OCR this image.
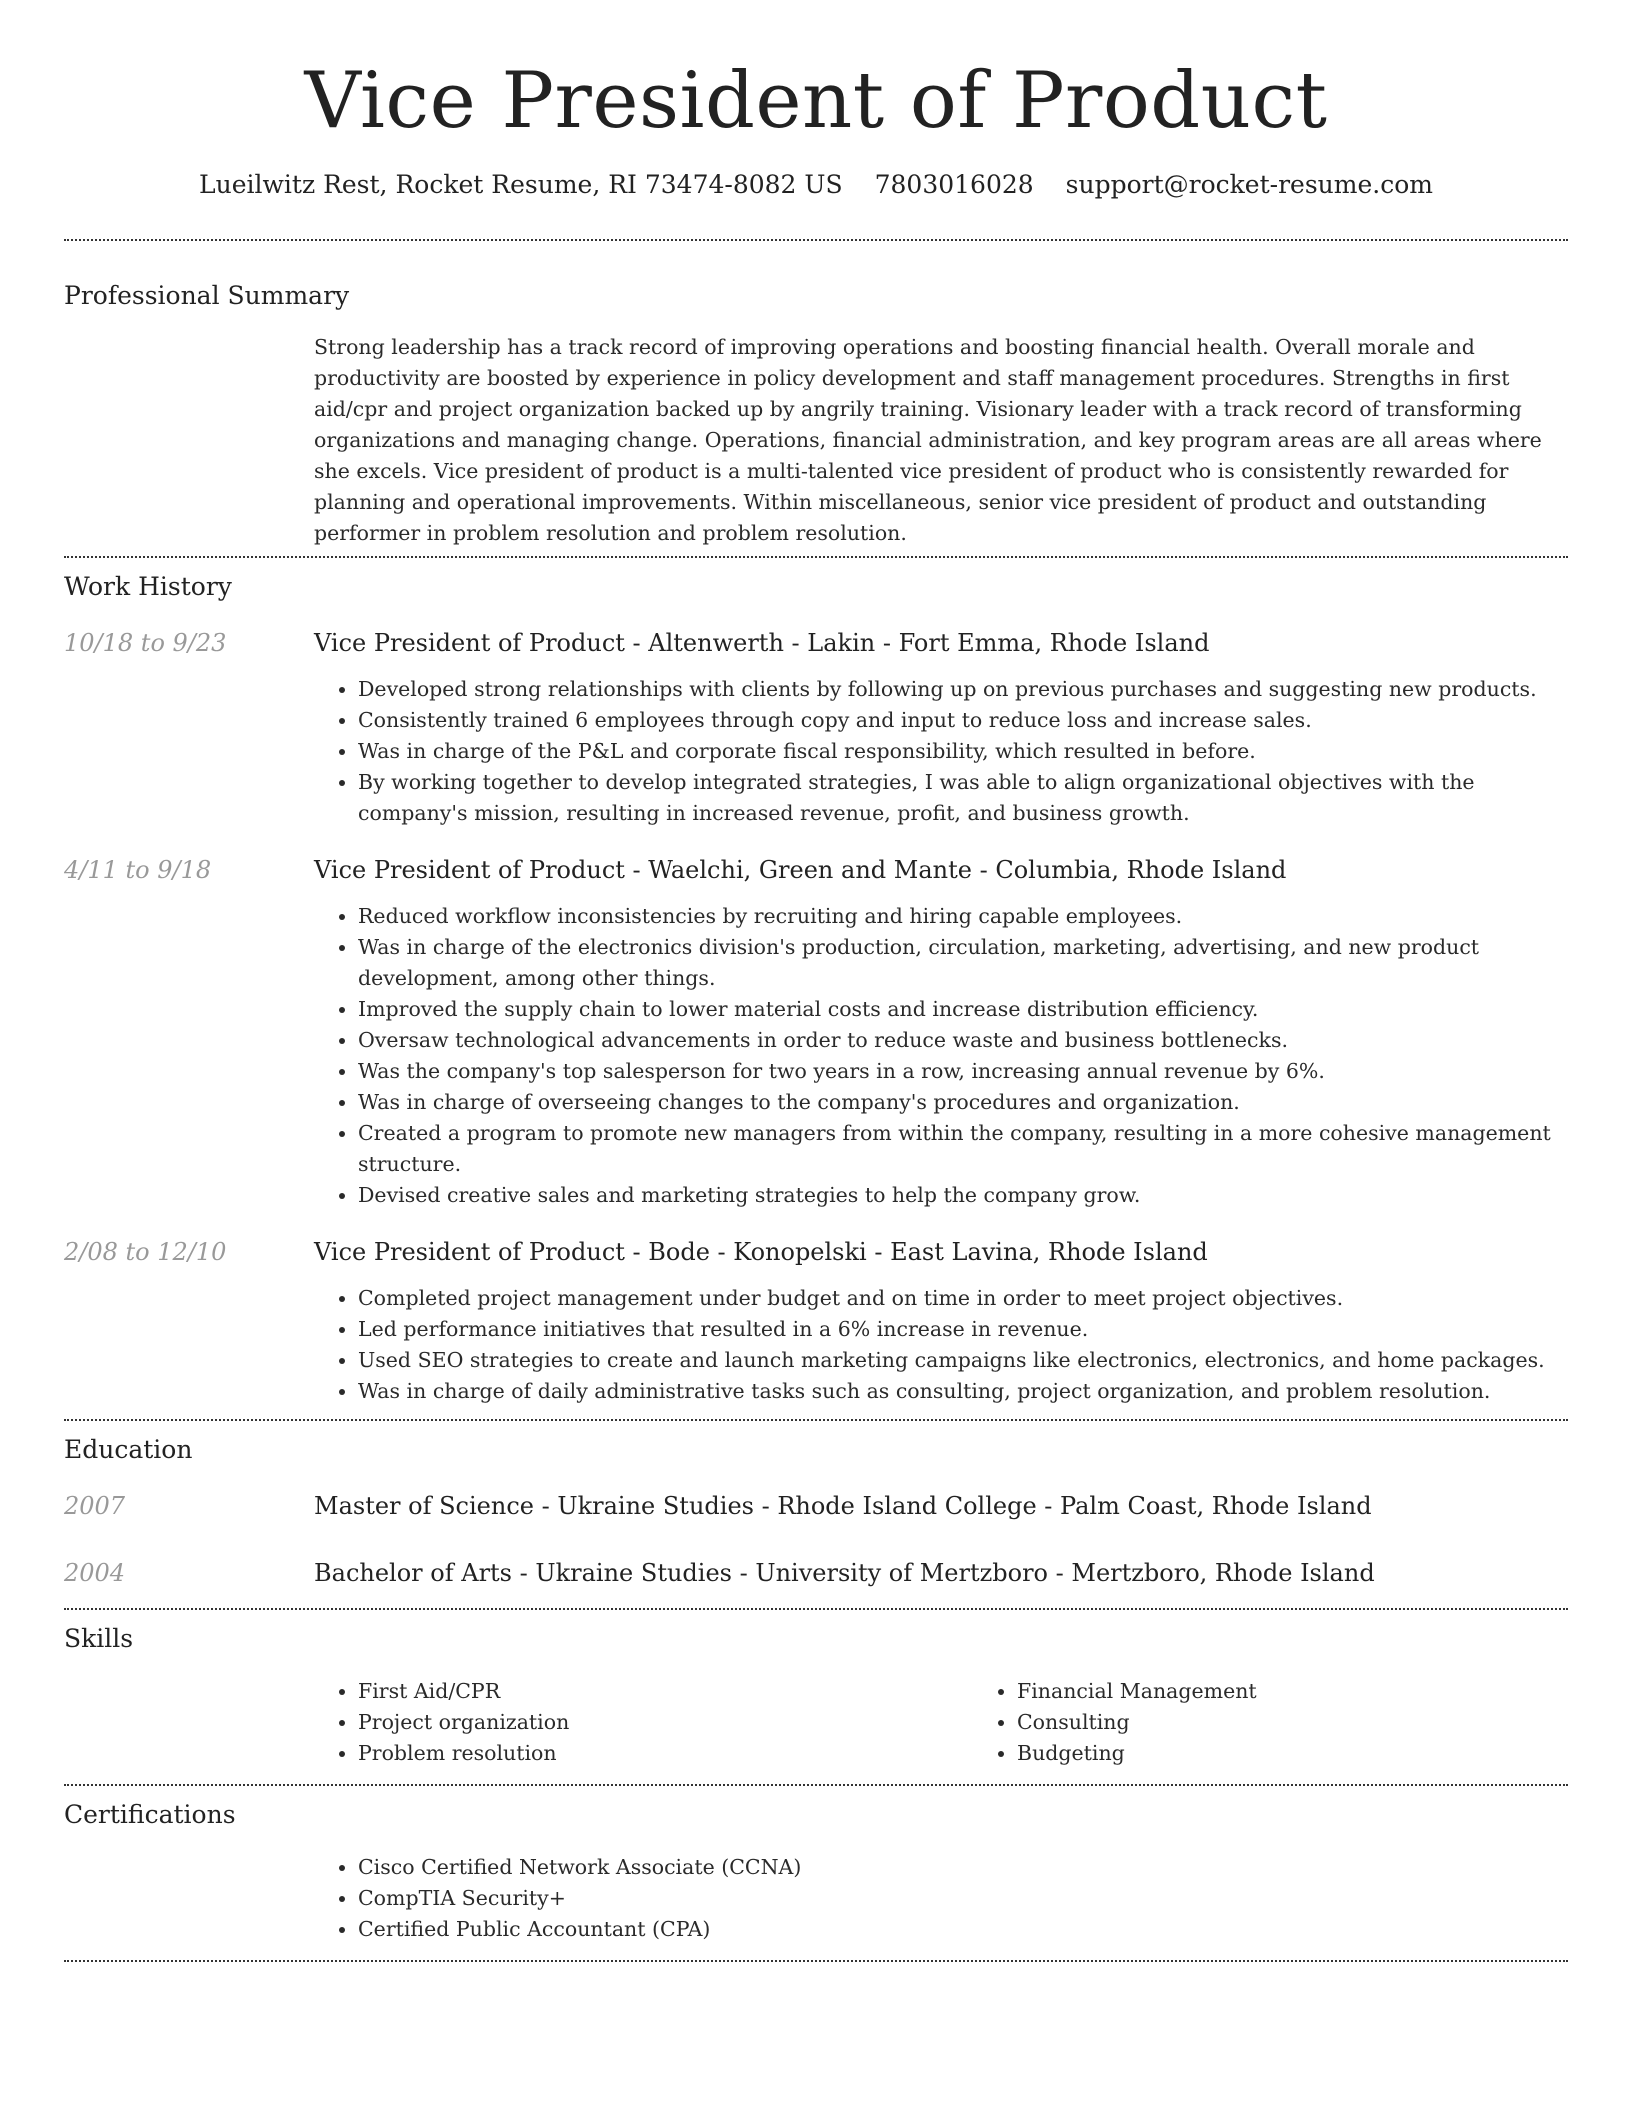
Vice President of Product
Lueilwitz Rest, Rocket Resume, RI 73474-8082 US 7803016028 support@rocket-resume.com
Professional Summary

Strong leadership has a track record of improving operations and boosting financial health. Overall morale and productivity are boosted by experience in policy development and staff management procedures. Strengths in first aid/cpr and project organization backed up by angrily training. Visionary leader with a track record of transforming organizations and managing change. Operations, financial administration, and key program areas are all areas where she excels. Vice president of product is a multi-talented vice president of product who is consistently rewarded for planning and operational improvements. Within miscellaneous, senior vice president of product and outstanding performer in problem resolution and problem resolution.

Work History
10/18 to 9/23	Vice President of Product - Altenwerth - Lakin - Fort Emma, Rhode Island
• Developed strong relationships with clients by following up on previous purchases and suggesting new products.
• Consistently trained 6 employees through copy and input to reduce loss and increase sales.
• Was in charge of the P&L and corporate fiscal responsibility, which resulted in before.
• By working together to develop integrated strategies, I was able to align organizational objectives with the company's mission, resulting in increased revenue, profit, and business growth.
4/11 to 9/18	Vice President of Product - Waelchi, Green and Mante - Columbia, Rhode Island
• Reduced workflow inconsistencies by recruiting and hiring capable employees.
• Was in charge of the electronics division's production, circulation, marketing, advertising, and new product development, among other things.
• Improved the supply chain to lower material costs and increase distribution efficiency.
• Oversaw technological advancements in order to reduce waste and business bottlenecks.
• Was the company's top salesperson for two years in a row, increasing annual revenue by 6%.
• Was in charge of overseeing changes to the company's procedures and organization.
• Created a program to promote new managers from within the company, resulting in a more cohesive management structure.
• Devised creative sales and marketing strategies to help the company grow.
2/08 to 12/10	Vice President of Product - Bode - Konopelski - East Lavina, Rhode Island
• Completed project management under budget and on time in order to meet project objectives.
• Led performance initiatives that resulted in a 6% increase in revenue.
• Used SEO strategies to create and launch marketing campaigns like electronics, electronics, and home packages.
• Was in charge of daily administrative tasks such as consulting, project organization, and problem resolution.
Education
2007	Master of Science - Ukraine Studies - Rhode Island College - Palm Coast, Rhode Island
2004	Bachelor of Arts - Ukraine Studies - University of Mertzboro - Mertzboro, Rhode Island
Skills
• First Aid/CPR
• Project organization
• Problem resolution
• Financial Management
• Consulting
• Budgeting
Certifications
• Cisco Certified Network Associate (CCNA)
• CompTIA Security+
• Certified Public Accountant (CPA)
